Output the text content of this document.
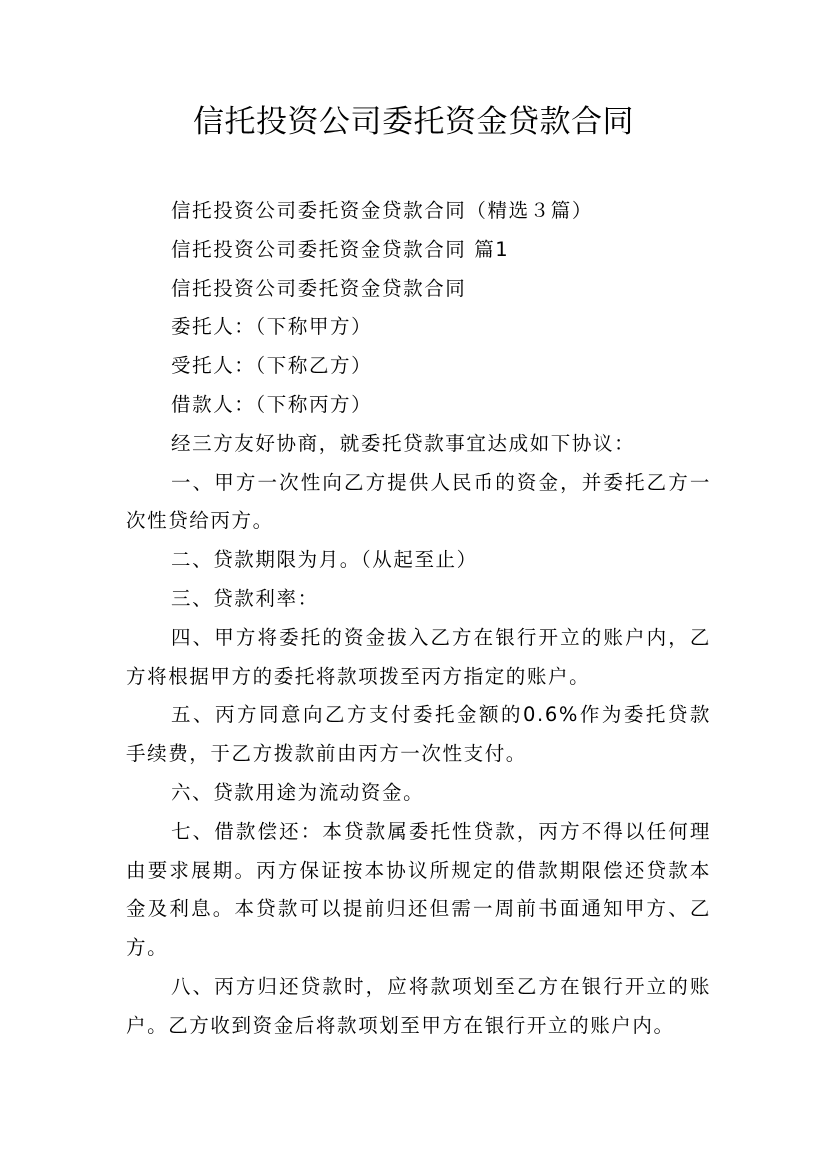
信托投资公司委托资金贷款合同

信托投资公司委托资金贷款合同（精选３篇）

信托投资公司委托资金贷款合同 篇1

信托投资公司委托资金贷款合同

委托人：（下称甲方）

受托人：（下称乙方）

借款人：（下称丙方）

经三方友好协商，就委托贷款事宜达成如下协议：

一、甲方一次性向乙方提供人民币的资金，并委托乙方一次性贷给丙方。

二、贷款期限为月。（从起至止）

三、贷款利率：

四、甲方将委托的资金拔入乙方在银行开立的账户内，乙方将根据甲方的委托将款项拨至丙方指定的账户。

五、丙方同意向乙方支付委托金额的0.6%作为委托贷款手续费，于乙方拨款前由丙方一次性支付。

六、贷款用途为流动资金。

七、借款偿还：本贷款属委托性贷款，丙方不得以任何理由要求展期。丙方保证按本协议所规定的借款期限偿还贷款本金及利息。本贷款可以提前归还但需一周前书面通知甲方、乙方。

八、丙方归还贷款时，应将款项划至乙方在银行开立的账户。乙方收到资金后将款项划至甲方在银行开立的账户内。
